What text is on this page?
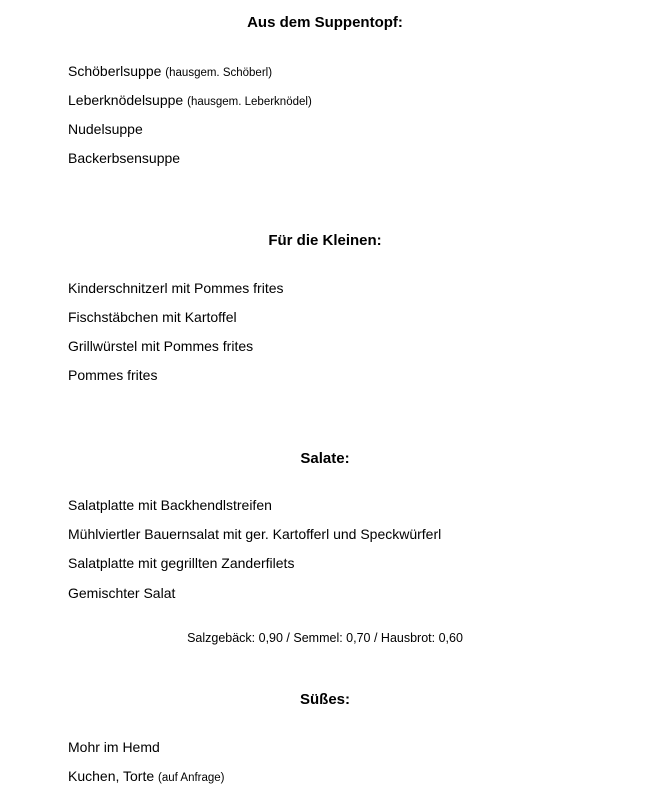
Aus dem Suppentopf:
Schöberlsuppe (hausgem. Schöberl)
Leberknödelsuppe (hausgem. Leberknödel)
Nudelsuppe
Backerbsensuppe
Für die Kleinen:
Kinderschnitzerl mit Pommes frites
Fischstäbchen mit Kartoffel
Grillwürstel mit Pommes frites
Pommes frites
Salate:
Salatplatte mit Backhendlstreifen
Mühlviertler Bauernsalat mit ger. Kartofferl und Speckwürferl
Salatplatte mit gegrillten Zanderfilets
Gemischter Salat
Salzgebäck: 0,90 / Semmel: 0,70 / Hausbrot: 0,60
Süßes:
Mohr im Hemd
Kuchen, Torte (auf Anfrage)
